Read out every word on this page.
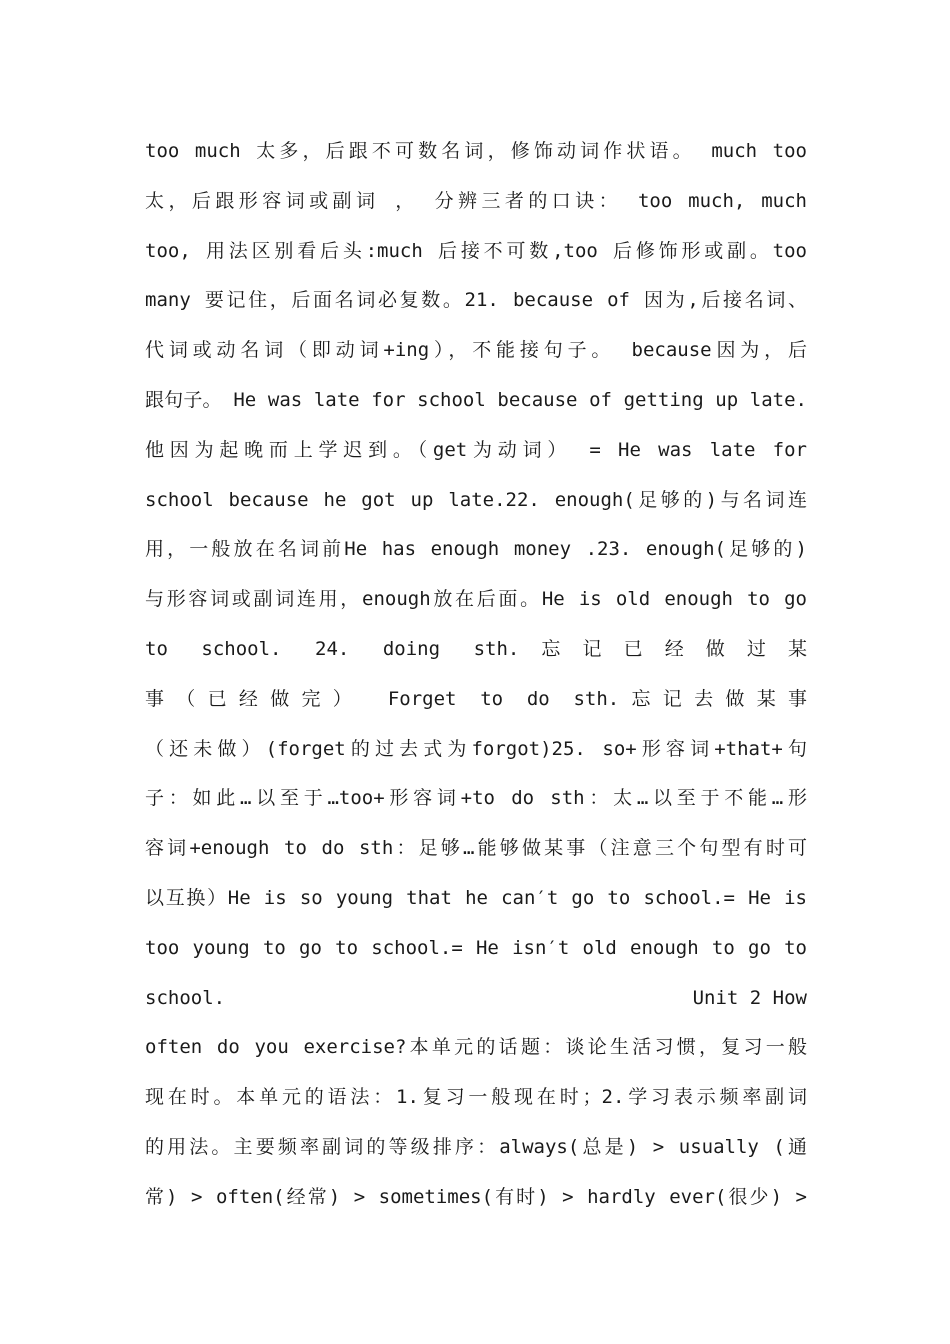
too much 太多，后跟不可数名词，修饰动词作状语。 much too
太，后跟形容词或副词 ， 分辨三者的口诀： too much, much
too, 用法区别看后头:much 后接不可数,too 后修饰形或副。too
many 要记住，后面名词必复数。21. because of 因为,后接名词、
代词或动名词（即动词+ing），不能接句子。 because因为，后
跟句子。 He was late for school because of getting up late.
他因为起晚而上学迟到。（get为动词） = He was late for
school because he got up late.22. enough(足够的)与名词连
用，一般放在名词前He has enough money .23. enough(足够的)
与形容词或副词连用，enough放在后面。He is old enough to go
to school. 24. doing sth.忘记已经做过某
事（已经做完） Forget to do sth.忘记去做某事
（还未做）(forget的过去式为forgot)25. so+形容词+that+句
子：如此…以至于…too+形容词+to do sth：太…以至于不能…形
容词+enough to do sth：足够…能够做某事（注意三个句型有时可
以互换）He is so young that he can′t go to school.= He is
too young to go to school.= He isn′t old enough to go to
school.	Unit 2 How
often do you exercise?本单元的话题：谈论生活习惯，复习一般
现在时。本单元的语法：1.复习一般现在时；2.学习表示频率副词
的用法。主要频率副词的等级排序：always(总是) > usually (通
常) > often(经常) > sometimes(有时) > hardly ever(很少) >
